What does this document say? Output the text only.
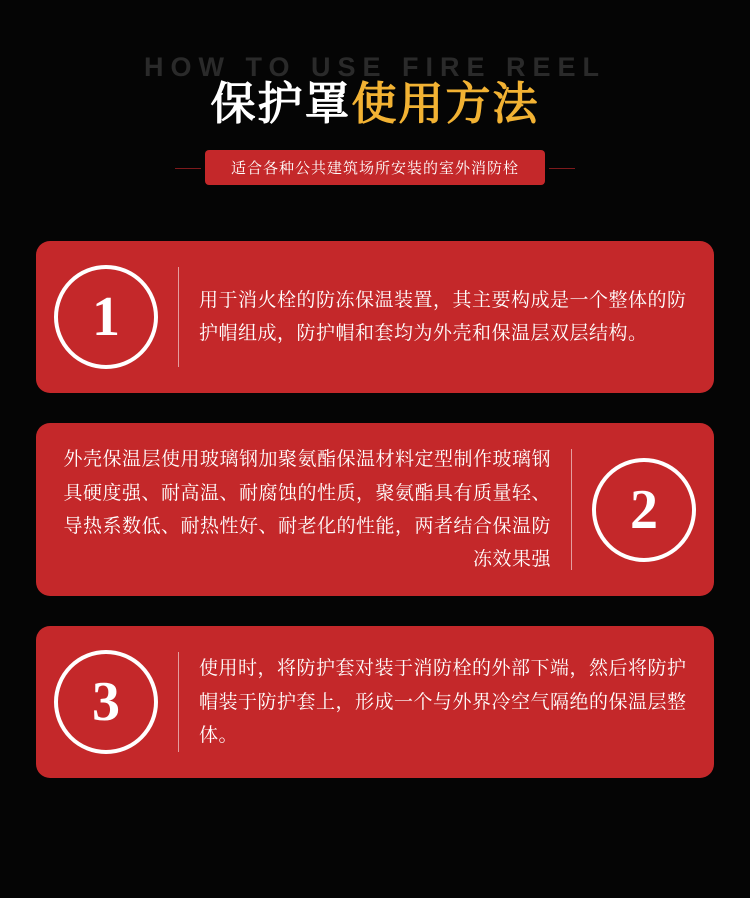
HOW TO USE FIRE REEL
保护罩使用方法
适合各种公共建筑场所安装的室外消防栓
1	用于消火栓的防冻保温装置，其主要构成是一个整体的防护帽组成，防护帽和套均为外壳和保温层双层结构。
2
外壳保温层使用玻璃钢加聚氨酯保温材料定型制作玻璃钢具硬度强、耐高温、耐腐蚀的性质，聚氨酯具有质量轻、导热系数低、耐热性好、耐老化的性能，两者结合保温防冻效果强
3
使用时，将防护套对装于消防栓的外部下端，然后将防护帽装于防护套上，形成一个与外界冷空气隔绝的保温层整体。
